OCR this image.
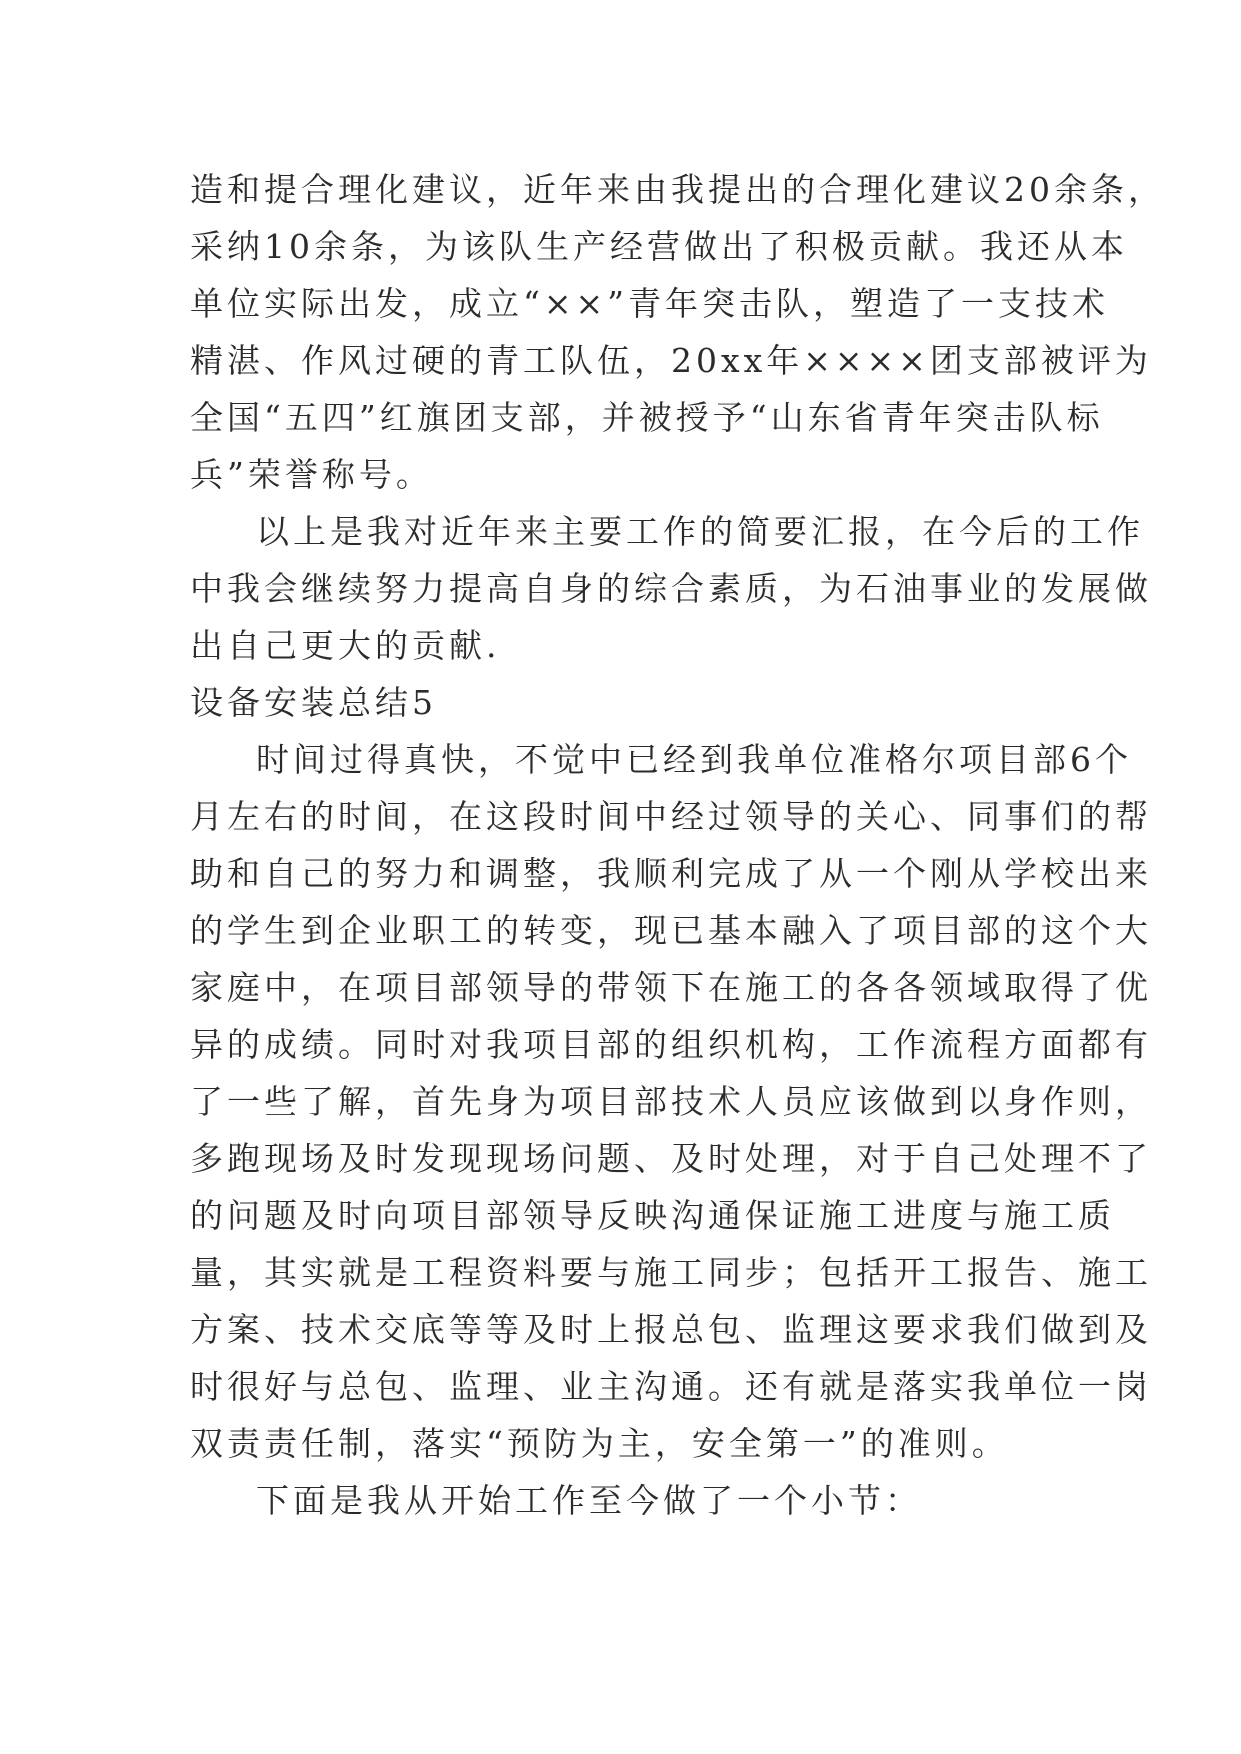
造和提合理化建议，近年来由我提出的合理化建议20余条，
采纳10余条，为该队生产经营做出了积极贡献。我还从本
单位实际出发，成立“××”青年突击队，塑造了一支技术
精湛、作风过硬的青工队伍，20xx年××××团支部被评为
全国“五四”红旗团支部，并被授予“山东省青年突击队标
兵”荣誉称号。
以上是我对近年来主要工作的简要汇报，在今后的工作
中我会继续努力提高自身的综合素质，为石油事业的发展做
出自己更大的贡献.
设备安装总结5
时间过得真快，不觉中已经到我单位准格尔项目部6个
月左右的时间，在这段时间中经过领导的关心、同事们的帮
助和自己的努力和调整，我顺利完成了从一个刚从学校出来
的学生到企业职工的转变，现已基本融入了项目部的这个大
家庭中，在项目部领导的带领下在施工的各各领域取得了优
异的成绩。同时对我项目部的组织机构，工作流程方面都有
了一些了解，首先身为项目部技术人员应该做到以身作则，
多跑现场及时发现现场问题、及时处理，对于自己处理不了
的问题及时向项目部领导反映沟通保证施工进度与施工质
量，其实就是工程资料要与施工同步；包括开工报告、施工
方案、技术交底等等及时上报总包、监理这要求我们做到及
时很好与总包、监理、业主沟通。还有就是落实我单位一岗
双责责任制，落实“预防为主，安全第一”的准则。
下面是我从开始工作至今做了一个小节：
